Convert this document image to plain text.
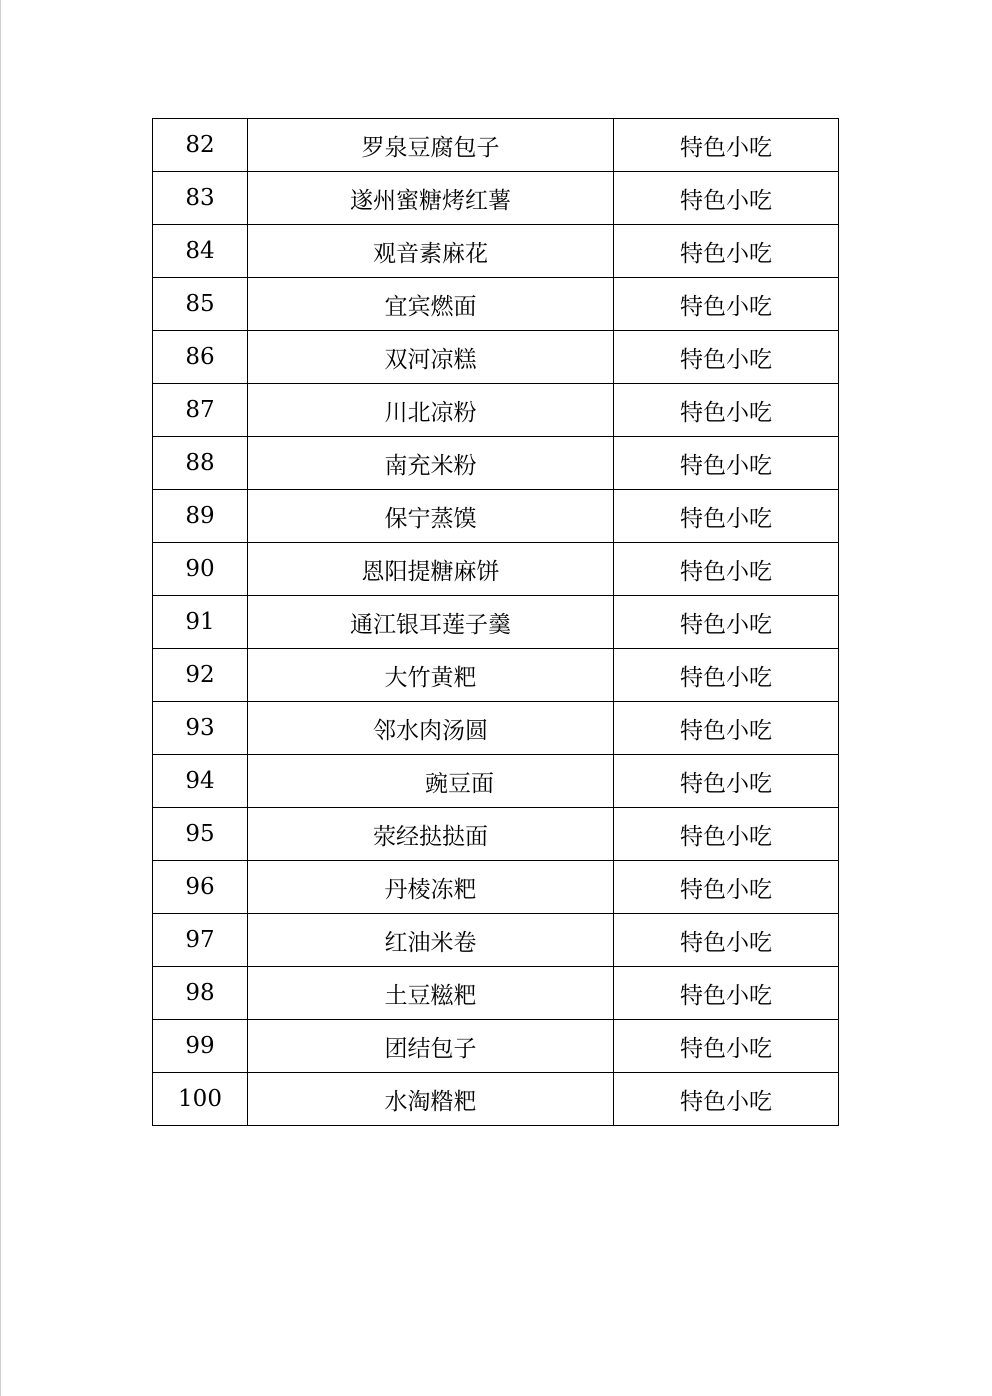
82	罗泉豆腐包子	特色小吃
83	遂州蜜糖烤红薯	特色小吃
84	观音素麻花	特色小吃
85	宜宾燃面	特色小吃
86	双河凉糕	特色小吃
87	川北凉粉	特色小吃
88	南充米粉	特色小吃
89	保宁蒸馍	特色小吃
90	恩阳提糖麻饼	特色小吃
91	通江银耳莲子羹	特色小吃
92	大竹黄粑	特色小吃
93	邻水肉汤圆	特色小吃
94	豌豆面	特色小吃
95	荥经挞挞面	特色小吃
96	丹棱冻粑	特色小吃
97	红油米卷	特色小吃
98	土豆糍粑	特色小吃
99	团结包子	特色小吃
100	水淘糌粑	特色小吃
